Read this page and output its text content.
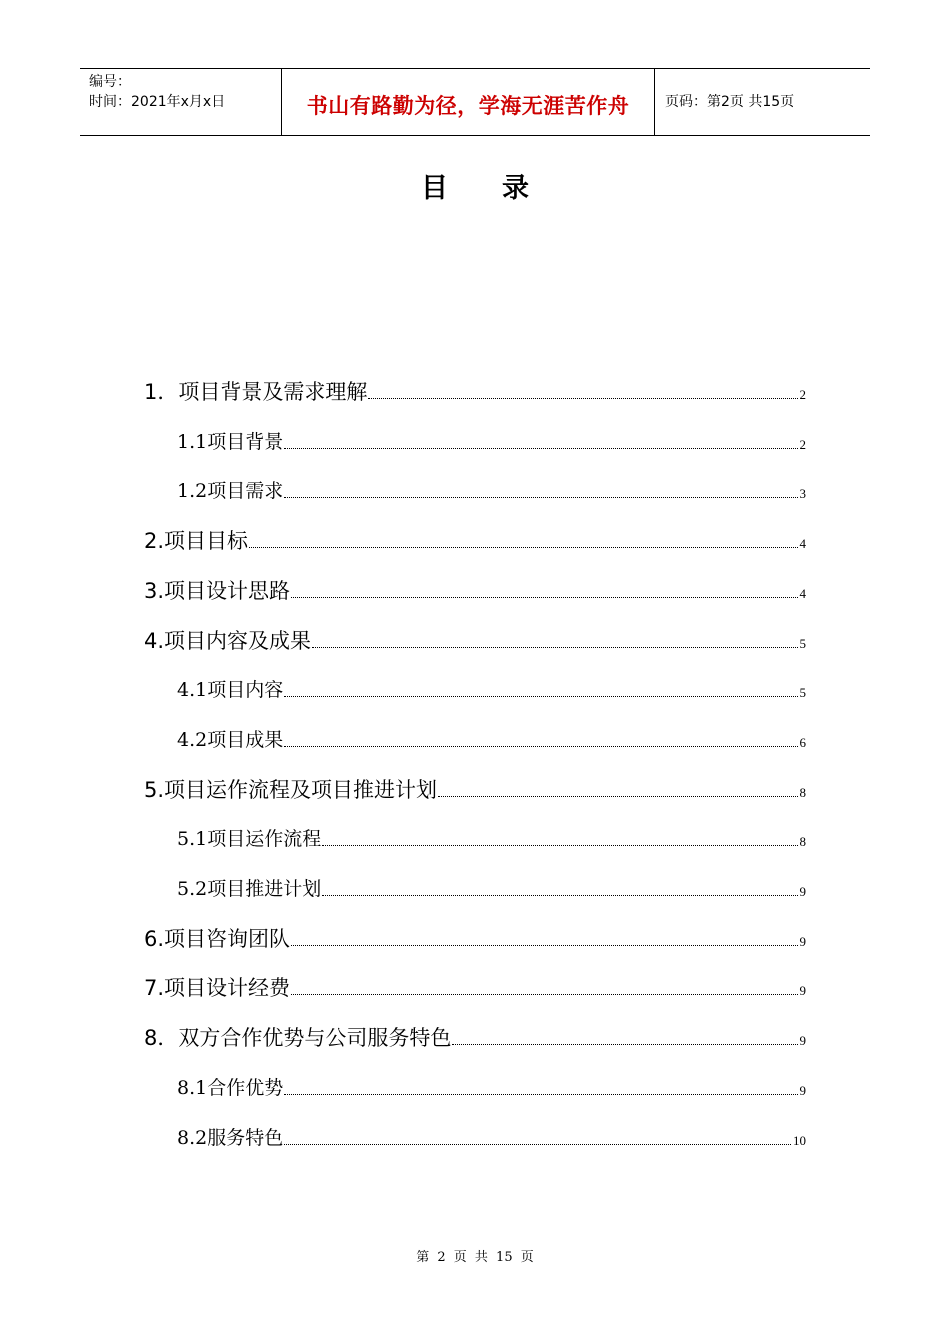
编号：
时间：2021年x月x日	书山有路勤为径，学海无涯苦作舟	页码：第2页 共15页
目录
1．项目背景及需求理解	2
1.1项目背景	2
1.2项目需求	3
2.项目目标	4
3.项目设计思路	4
4.项目内容及成果	5
4.1项目内容	5
4.2项目成果	6
5.项目运作流程及项目推进计划	8
5.1项目运作流程	8
5.2项目推进计划	9
6.项目咨询团队	9
7.项目设计经费	9
8．双方合作优势与公司服务特色	9
8.1合作优势	9
8.2服务特色	10
第 2 页 共 15 页
